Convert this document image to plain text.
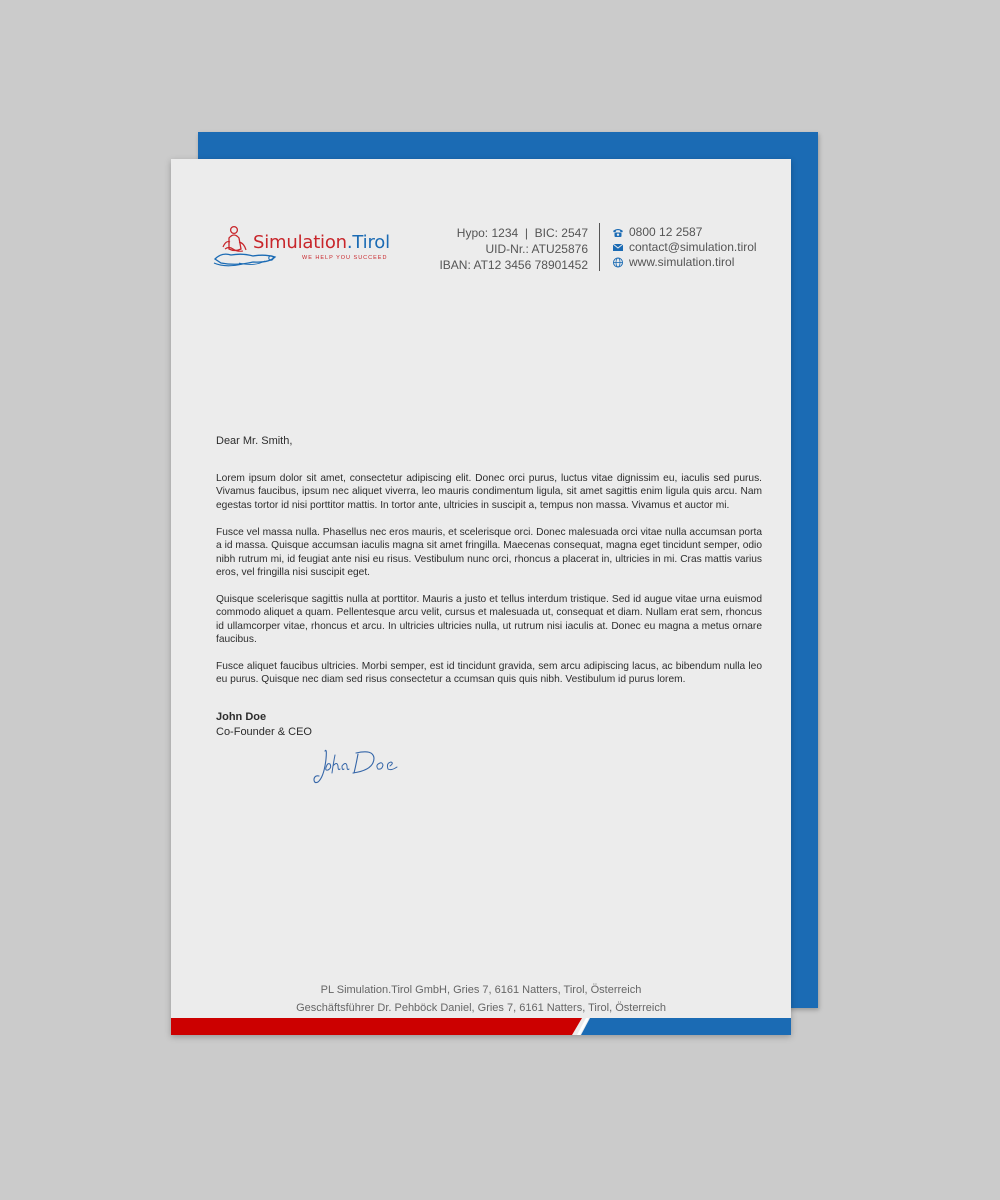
Simulation.Tirol
WE HELP YOU SUCCEED
Hypo: 1234  |  BIC: 2547
UID-Nr.: ATU25876
IBAN: AT12 3456 78901452
0800 12 2587
contact@simulation.tirol
www.simulation.tirol
Dear Mr. Smith,

Lorem ipsum dolor sit amet, consectetur adipiscing elit. Donec orci purus, luctus vitae dignissim eu, iaculis sed purus. Vivamus faucibus, ipsum nec aliquet viverra, leo mauris condimentum ligula, sit amet sagittis enim ligula quis arcu. Nam egestas tortor id nisi porttitor mattis. In tortor ante, ultricies in suscipit a, tempus non massa. Vivamus et auctor mi.

Fusce vel massa nulla. Phasellus nec eros mauris, et scelerisque orci. Donec malesuada orci vitae nulla accumsan porta a id massa. Quisque accumsan iaculis magna sit amet fringilla. Maecenas consequat, magna eget tincidunt semper, odio nibh rutrum mi, id feugiat ante nisi eu risus. Vestibulum nunc orci, rhoncus a placerat in, ultricies in mi. Cras mattis varius eros, vel fringilla nisi suscipit eget.

Quisque scelerisque sagittis nulla at porttitor. Mauris a justo et tellus interdum tristique. Sed id augue vitae urna euismod commodo aliquet a quam. Pellentesque arcu velit, cursus et malesuada ut, consequat et diam. Nullam erat sem, rhoncus id ullamcorper vitae, rhoncus et arcu. In ultricies ultricies nulla, ut rutrum nisi iaculis at. Donec eu magna a metus ornare faucibus.

Fusce aliquet faucibus ultricies. Morbi semper, est id tincidunt gravida, sem arcu adipiscing lacus, ac bibendum nulla leo eu purus. Quisque nec diam sed risus consectetur a ccumsan quis quis nibh. Vestibulum id purus lorem.

John Doe
Co-Founder & CEO
PL Simulation.Tirol GmbH, Gries 7, 6161 Natters, Tirol, Österreich
Geschäftsführer Dr. Pehböck Daniel, Gries 7, 6161 Natters, Tirol, Österreich
